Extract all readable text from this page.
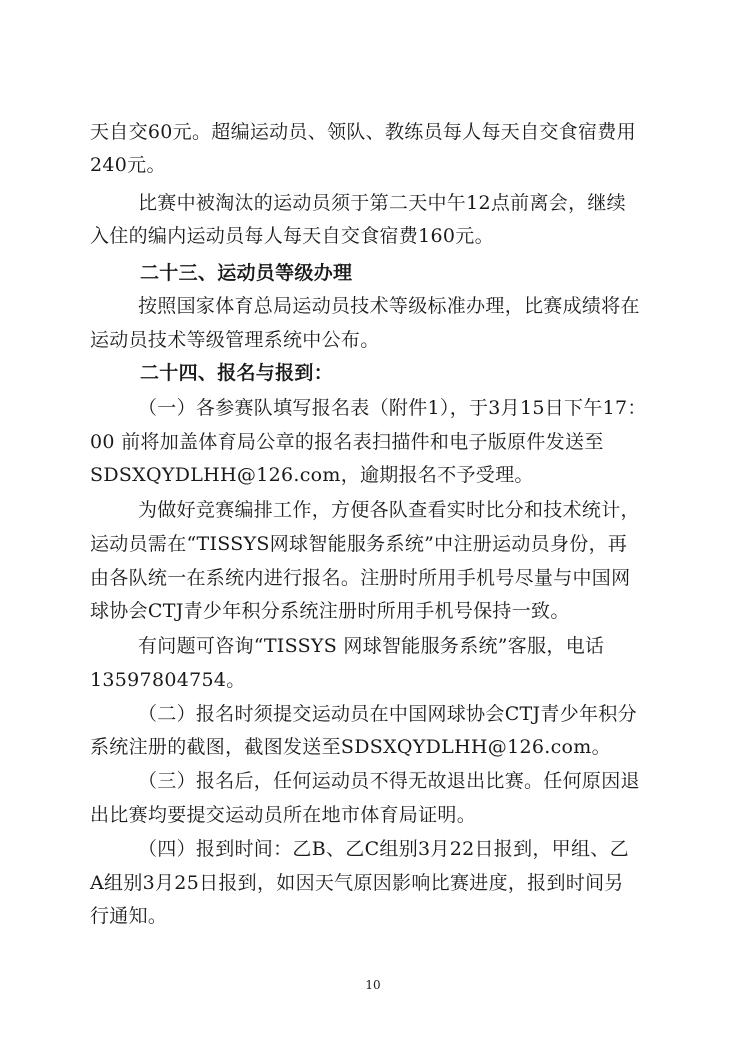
天自交60元。超编运动员、领队、教练员每人每天自交食宿费用
240元。
比赛中被淘汰的运动员须于第二天中午12点前离会，继续
入住的编内运动员每人每天自交食宿费160元。
二十三、运动员等级办理
按照国家体育总局运动员技术等级标准办理，比赛成绩将在
运动员技术等级管理系统中公布。
二十四、报名与报到：
（一）各参赛队填写报名表（附件1），于3月15日下午17：
00 前将加盖体育局公章的报名表扫描件和电子版原件发送至
SDSXQYDLHH@126.com，逾期报名不予受理。
为做好竞赛编排工作，方便各队查看实时比分和技术统计，
运动员需在“TISSYS网球智能服务系统”中注册运动员身份，再
由各队统一在系统内进行报名。注册时所用手机号尽量与中国网
球协会CTJ青少年积分系统注册时所用手机号保持一致。
有问题可咨询“TISSYS 网球智能服务系统”客服，电话
13597804754。
（二）报名时须提交运动员在中国网球协会CTJ青少年积分
系统注册的截图，截图发送至SDSXQYDLHH@126.com。
（三）报名后，任何运动员不得无故退出比赛。任何原因退
出比赛均要提交运动员所在地市体育局证明。
（四）报到时间：乙B、乙C组别3月22日报到，甲组、乙
A组别3月25日报到，如因天气原因影响比赛进度，报到时间另
行通知。
10
